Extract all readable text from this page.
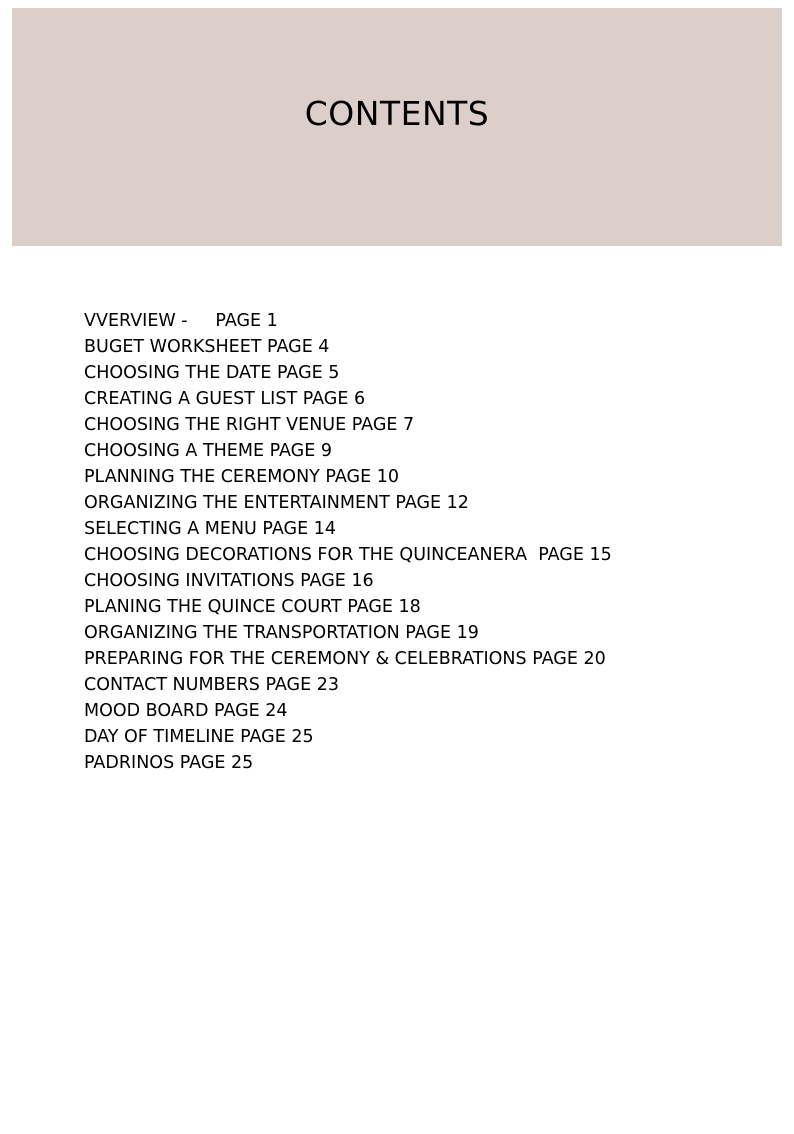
CONTENTS
VVERVIEW -     PAGE 1
BUGET WORKSHEET PAGE 4
CHOOSING THE DATE PAGE 5
CREATING A GUEST LIST PAGE 6
CHOOSING THE RIGHT VENUE PAGE 7
CHOOSING A THEME PAGE 9
PLANNING THE CEREMONY PAGE 10
ORGANIZING THE ENTERTAINMENT PAGE 12
SELECTING A MENU PAGE 14
CHOOSING DECORATIONS FOR THE QUINCEANERA  PAGE 15
CHOOSING INVITATIONS PAGE 16
PLANING THE QUINCE COURT PAGE 18
ORGANIZING THE TRANSPORTATION PAGE 19
PREPARING FOR THE CEREMONY & CELEBRATIONS PAGE 20
CONTACT NUMBERS PAGE 23
MOOD BOARD PAGE 24
DAY OF TIMELINE PAGE 25
PADRINOS PAGE 25
